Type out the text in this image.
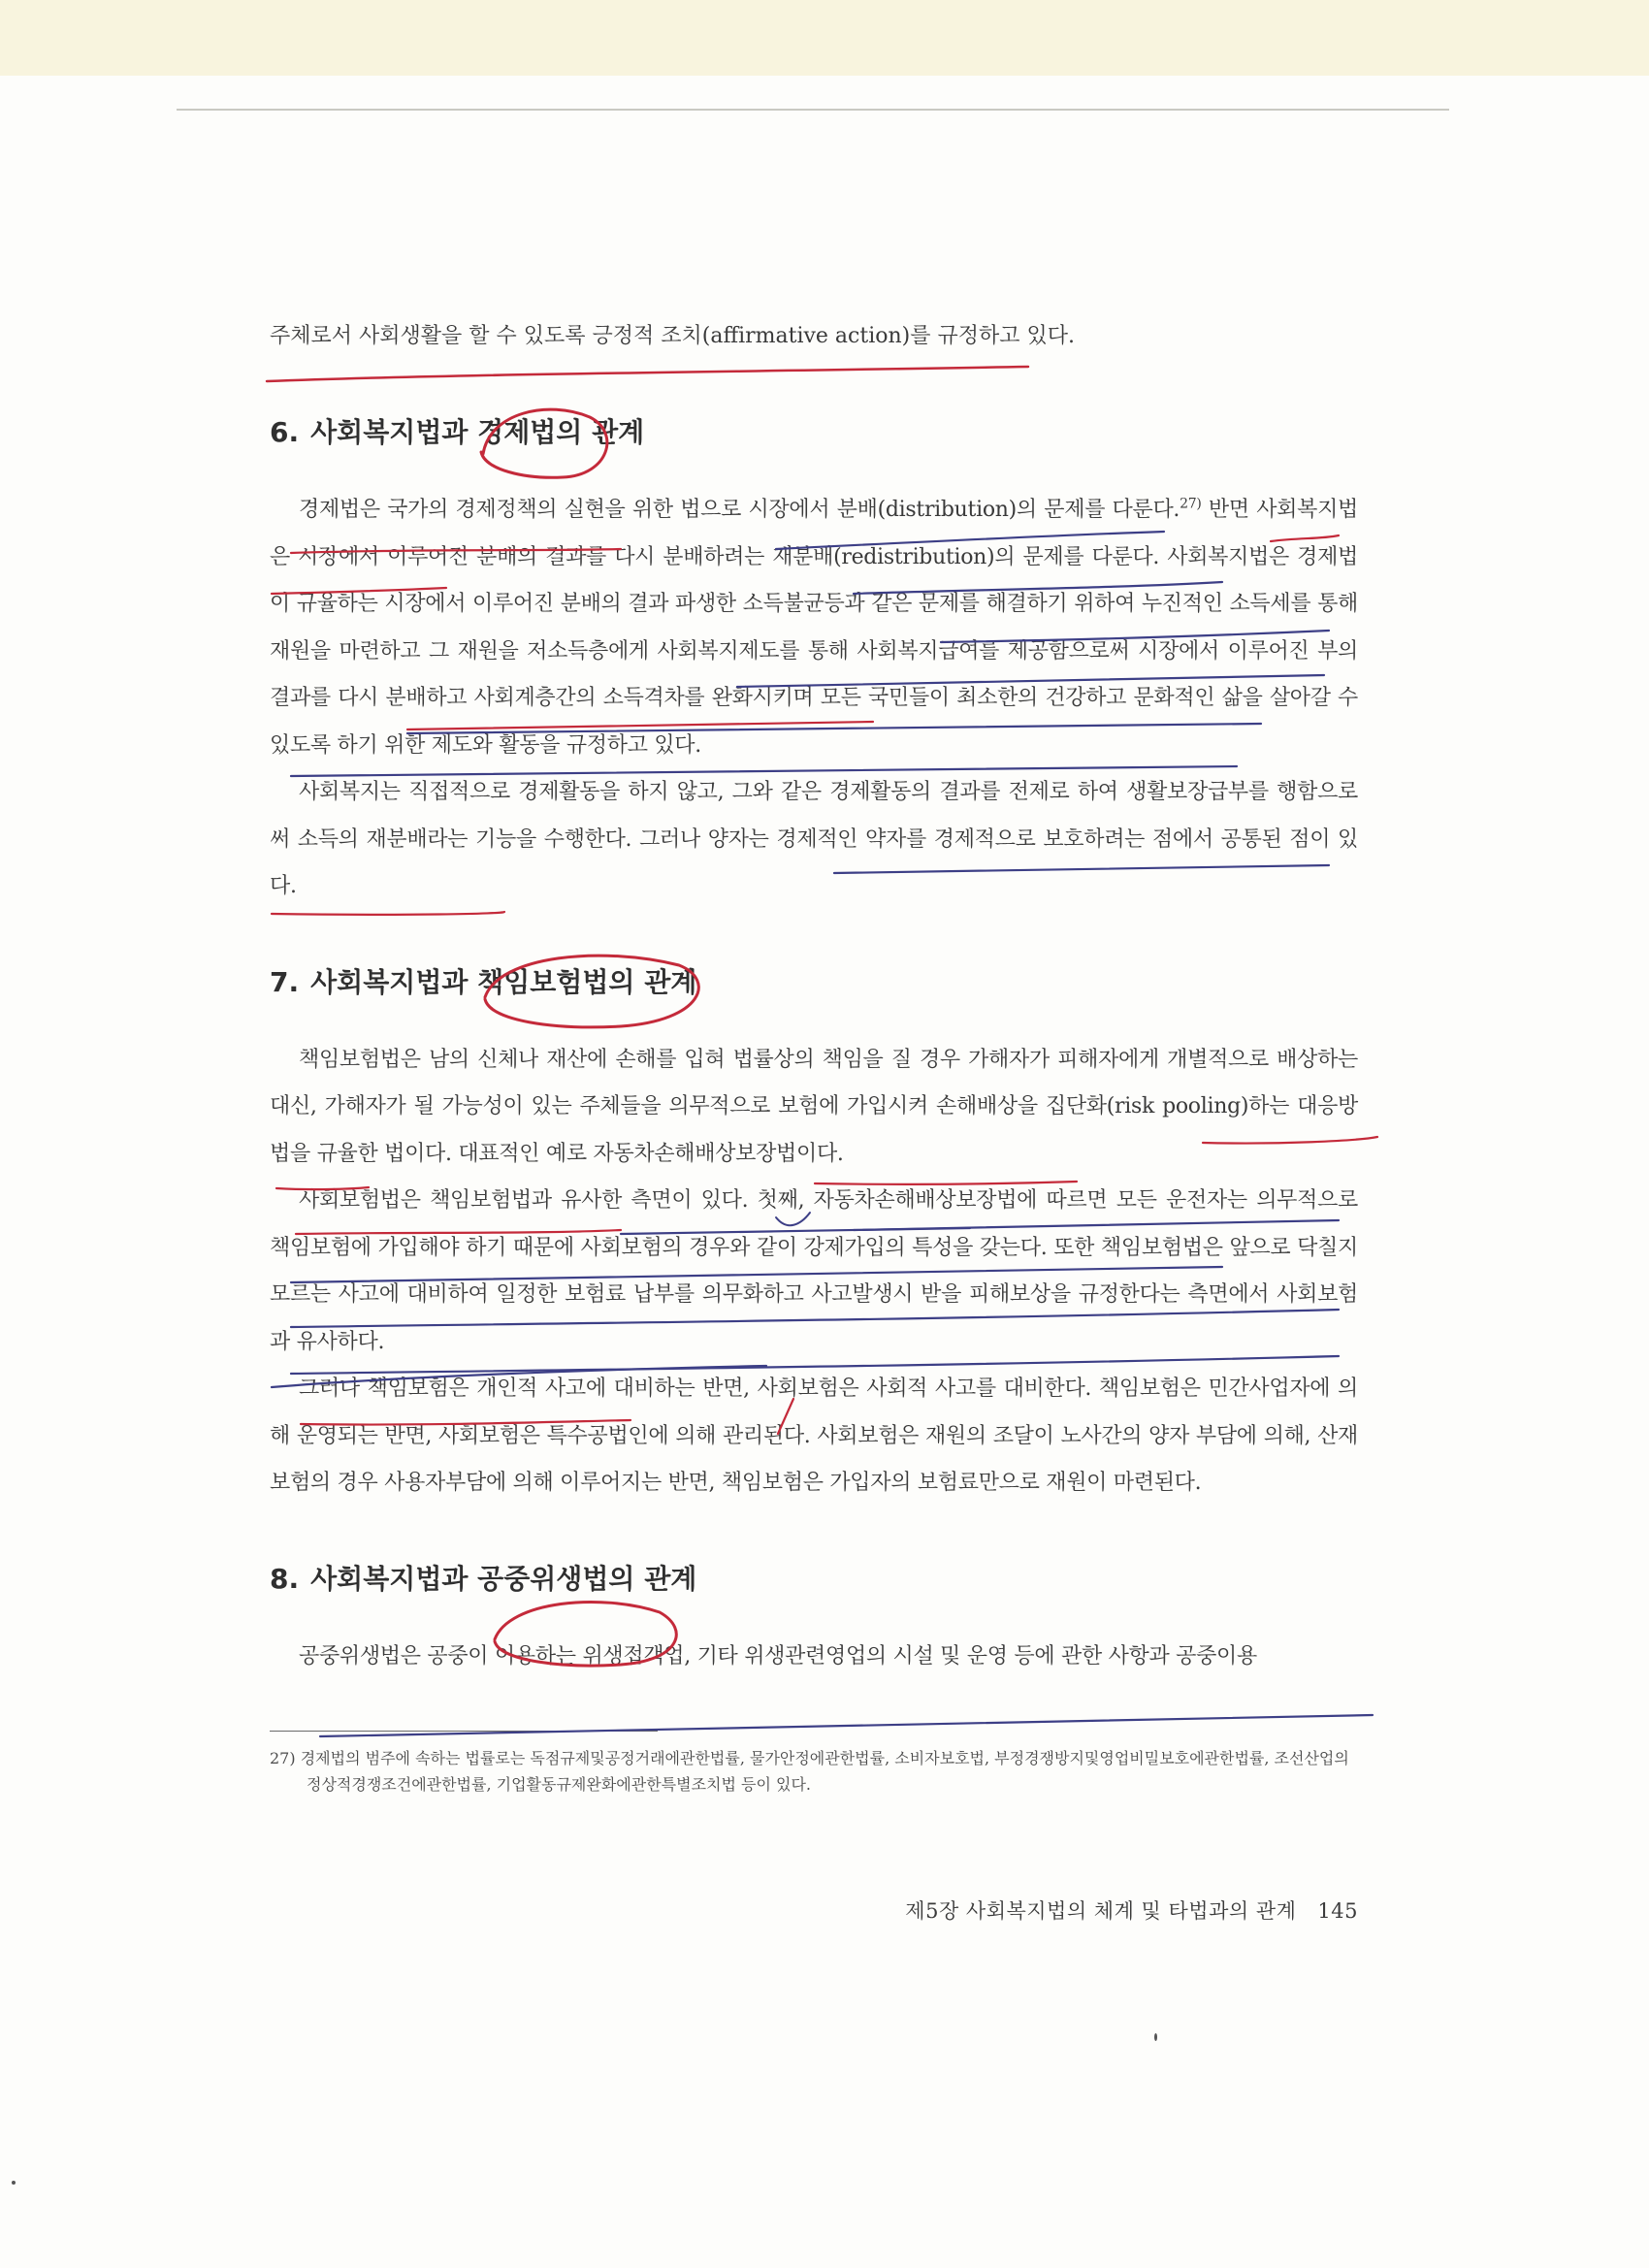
주체로서 사회생활을 할 수 있도록 긍정적 조치(affirmative action)를 규정하고 있다.

6. 사회복지법과 경제법의 관계

경제법은 국가의 경제정책의 실현을 위한 법으로 시장에서 분배(distribution)의 문제를 다룬다.$^{27)}$ 반면 사회복지법은 시장에서 이루어진 분배의 결과를 다시 분배하려는 재분배(redistribution)의 문제를 다룬다. 사회복지법은 경제법이 규율하는 시장에서 이루어진 분배의 결과 파생한 소득불균등과 같은 문제를 해결하기 위하여 누진적인 소득세를 통해 재원을 마련하고 그 재원을 저소득층에게 사회복지제도를 통해 사회복지급여를 제공함으로써 시장에서 이루어진 부의 결과를 다시 분배하고 사회계층간의 소득격차를 완화시키며 모든 국민들이 최소한의 건강하고 문화적인 삶을 살아갈 수 있도록 하기 위한 제도와 활동을 규정하고 있다.

사회복지는 직접적으로 경제활동을 하지 않고, 그와 같은 경제활동의 결과를 전제로 하여 생활보장급부를 행함으로써 소득의 재분배라는 기능을 수행한다. 그러나 양자는 경제적인 약자를 경제적으로 보호하려는 점에서 공통된 점이 있다.

7. 사회복지법과 책임보험법의 관계

책임보험법은 남의 신체나 재산에 손해를 입혀 법률상의 책임을 질 경우 가해자가 피해자에게 개별적으로 배상하는 대신, 가해자가 될 가능성이 있는 주체들을 의무적으로 보험에 가입시켜 손해배상을 집단화(risk pooling)하는 대응방법을 규율한 법이다. 대표적인 예로 자동차손해배상보장법이다.

사회보험법은 책임보험법과 유사한 측면이 있다. 첫째, 자동차손해배상보장법에 따르면 모든 운전자는 의무적으로 책임보험에 가입해야 하기 때문에 사회보험의 경우와 같이 강제가입의 특성을 갖는다. 또한 책임보험법은 앞으로 닥칠지 모르는 사고에 대비하여 일정한 보험료 납부를 의무화하고 사고발생시 받을 피해보상을 규정한다는 측면에서 사회보험과 유사하다.

그러나 책임보험은 개인적 사고에 대비하는 반면, 사회보험은 사회적 사고를 대비한다. 책임보험은 민간사업자에 의해 운영되는 반면, 사회보험은 특수공법인에 의해 관리된다. 사회보험은 재원의 조달이 노사간의 양자 부담에 의해, 산재보험의 경우 사용자부담에 의해 이루어지는 반면, 책임보험은 가입자의 보험료만으로 재원이 마련된다.

8. 사회복지법과 공중위생법의 관계

공중위생법은 공중이 이용하는 위생접객업, 기타 위생관련영업의 시설 및 운영 등에 관한 사항과 공중이용

27) 경제법의 범주에 속하는 법률로는 독점규제및공정거래에관한법률, 물가안정에관한법률, 소비자보호법, 부정경쟁방지및영업비밀보호에관한법률, 조선산업의정상적경쟁조건에관한법률, 기업활동규제완화에관한특별조치법 등이 있다.

제5장 사회복지법의 체계 및 타법과의 관계 145
